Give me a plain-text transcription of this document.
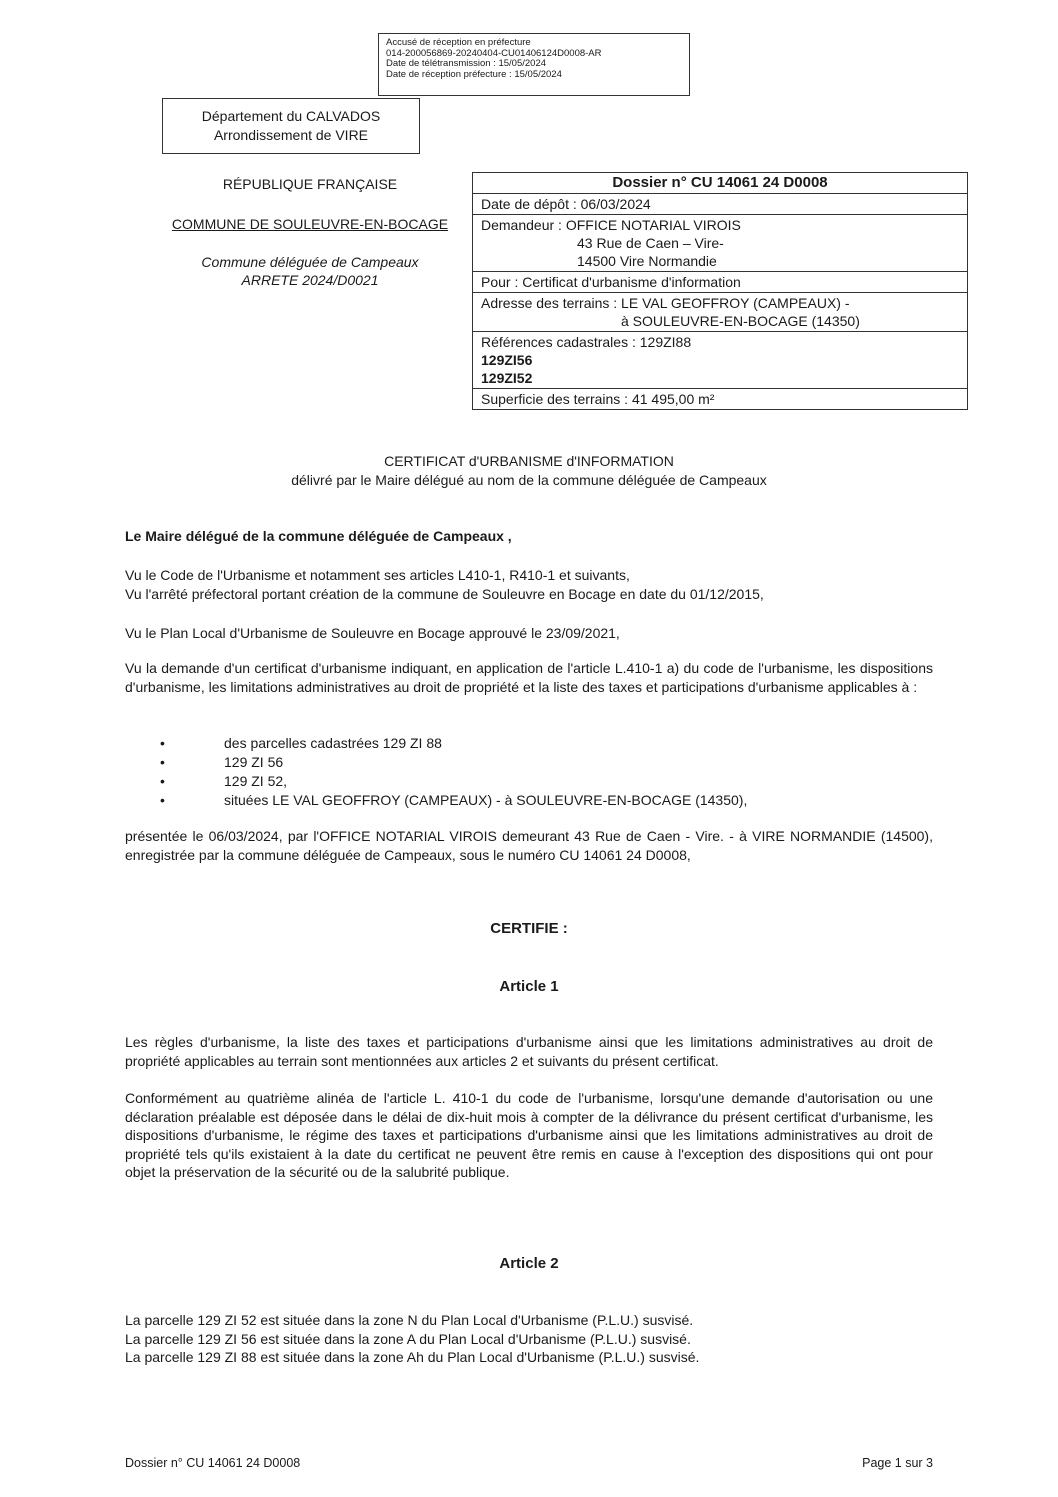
Accusé de réception en préfecture
014-200056869-20240404-CU01406124D0008-AR
Date de télétransmission : 15/05/2024
Date de réception préfecture : 15/05/2024
Département du CALVADOS
Arrondissement de VIRE
RÉPUBLIQUE FRANÇAISE
COMMUNE DE SOULEUVRE-EN-BOCAGE
Commune déléguée de Campeaux
ARRETE 2024/D0021
Dossier n° CU 14061 24 D0008
Date de dépôt : 06/03/2024
Demandeur : OFFICE NOTARIAL VIROIS
43 Rue de Caen – Vire-
14500 Vire Normandie
Pour : Certificat d'urbanisme d'information
Adresse des terrains : LE VAL GEOFFROY (CAMPEAUX) -
à SOULEUVRE-EN-BOCAGE (14350)
Références cadastrales : 129ZI88
129ZI56
129ZI52
Superficie des terrains : 41 495,00 m²
CERTIFICAT d'URBANISME d'INFORMATION
délivré par le Maire délégué au nom de la commune déléguée de Campeaux
Le Maire délégué de la commune déléguée de Campeaux ,
Vu le Code de l'Urbanisme et notamment ses articles L410-1, R410-1 et suivants,
Vu l'arrêté préfectoral portant création de la commune de Souleuvre en Bocage en date du 01/12/2015,
Vu le Plan Local d'Urbanisme de Souleuvre en Bocage approuvé le 23/09/2021,
Vu la demande d'un certificat d'urbanisme indiquant, en application de l'article L.410-1 a) du code de l'urbanisme, les dispositions d'urbanisme, les limitations administratives au droit de propriété et la liste des taxes et participations d'urbanisme applicables à :
•	des parcelles cadastrées 129 ZI 88
•	129 ZI 56
•	129 ZI 52,
•	situées LE VAL GEOFFROY (CAMPEAUX) - à SOULEUVRE-EN-BOCAGE (14350),
présentée le 06/03/2024, par l'OFFICE NOTARIAL VIROIS demeurant 43 Rue de Caen - Vire. - à VIRE NORMANDIE (14500), enregistrée par la commune déléguée de Campeaux, sous le numéro CU 14061 24 D0008,
CERTIFIE :
Article 1
Les règles d'urbanisme, la liste des taxes et participations d'urbanisme ainsi que les limitations administratives au droit de propriété applicables au terrain sont mentionnées aux articles 2 et suivants du présent certificat.
Conformément au quatrième alinéa de l'article L. 410-1 du code de l'urbanisme, lorsqu'une demande d'autorisation ou une déclaration préalable est déposée dans le délai de dix-huit mois à compter de la délivrance du présent certificat d'urbanisme, les dispositions d'urbanisme, le régime des taxes et participations d'urbanisme ainsi que les limitations administratives au droit de propriété tels qu'ils existaient à la date du certificat ne peuvent être remis en cause à l'exception des dispositions qui ont pour objet la préservation de la sécurité ou de la salubrité publique.
Article 2
La parcelle 129 ZI 52 est située dans la zone N du Plan Local d'Urbanisme (P.L.U.) susvisé.
La parcelle 129 ZI 56 est située dans la zone A du Plan Local d'Urbanisme (P.L.U.) susvisé.
La parcelle 129 ZI 88 est située dans la zone Ah du Plan Local d'Urbanisme (P.L.U.) susvisé.
Dossier n° CU 14061 24 D0008	Page 1 sur 3
